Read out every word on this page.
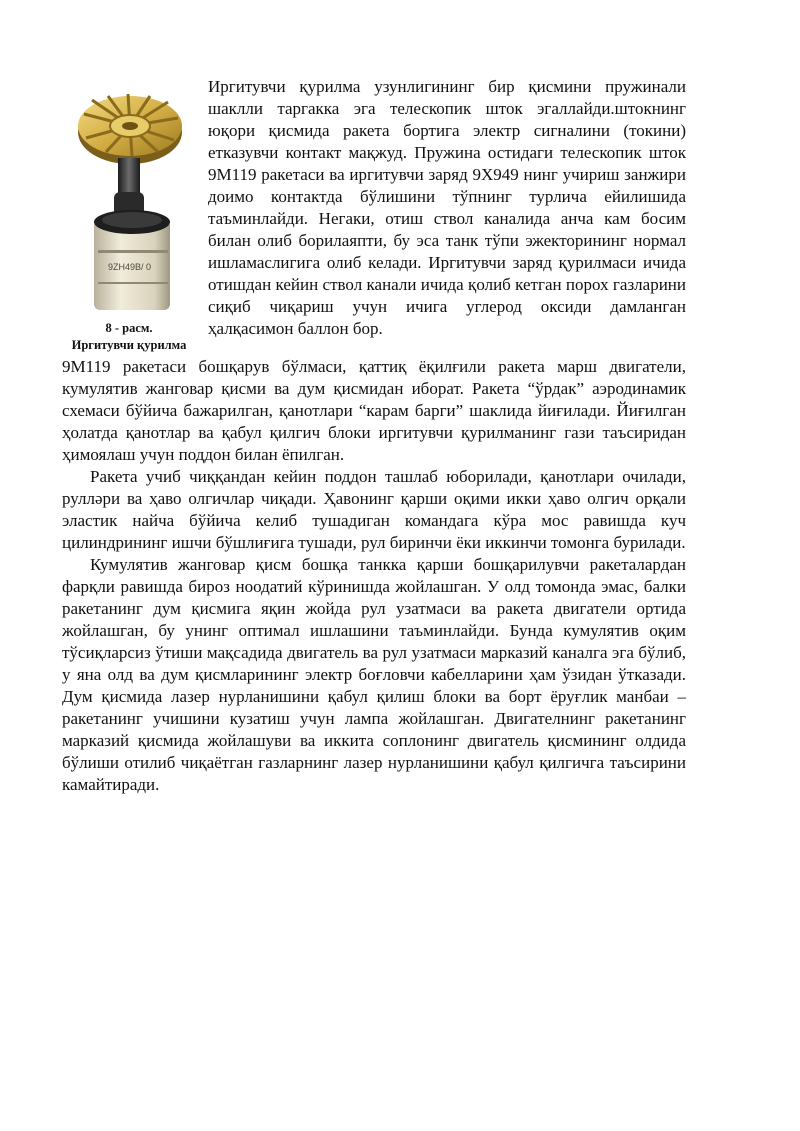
9ZH49B/ 0
8 - расм.
Иргитувчи қурилма
Иргитувчи қурилма узунлигининг бир қисмини пружинали шаклли таргакка эга телескопик шток эгаллайди.штокнинг юқори қисмида ракета бортига электр сигналини (токини) етказувчи контакт мақжуд. Пружина остидаги телескопик шток 9М119 ракетаси ва иргитувчи заряд 9Х949 нинг учириш занжири доимо контактда бўлишини тўпнинг турлича ейилишида таъминлайди. Негаки, отиш ствол каналида анча кам босим билан олиб борилаяпти, бу эса танк тўпи эжекторининг нормал ишламаслигига олиб келади. Иргитувчи заряд қурилмаси ичида отишдан кейин ствол канали ичида қолиб кетган порох газларини сиқиб чиқариш учун ичига углерод оксиди дамланган ҳалқасимон баллон бор.

9М119 ракетаси бошқарув бўлмаси, қаттиқ ёқилғили ракета марш двигатели, кумулятив жанговар қисми ва дум қисмидан иборат. Ракета “ўрдак” аэродинамик схемаси бўйича бажарилган, қанотлари “карам барги” шаклида йиғилади. Йиғилган ҳолатда қанотлар ва қабул қилгич блоки иргитувчи қурилманинг гази таъсиридан ҳимоялаш учун поддон билан ёпилган.

Ракета учиб чиққандан кейин поддон ташлаб юборилади, қанотлари очилади, рулләри ва ҳаво олгичлар чиқади. Ҳавонинг қарши оқими икки ҳаво олгич орқали эластик найча бўйича келиб тушадиган командага кўра мос равишда куч цилиндрининг ишчи бўшлиғига тушади, рул биринчи ёки иккинчи томонга бурилади.

Кумулятив жанговар қисм бошқа танкка қарши бошқарилувчи ракеталардан фарқли равишда бироз ноодатий кўринишда жойлашган. У олд томонда эмас, балки ракетанинг дум қисмига яқин жойда рул узатмаси ва ракета двигатели ортида жойлашган, бу унинг оптимал ишлашини таъминлайди. Бунда кумулятив оқим тўсиқларсиз ўтиши мақсадида двигатель ва рул узатмаси марказий каналга эга бўлиб, у яна олд ва дум қисмларининг электр боғловчи кабелларини ҳам ўзидан ўтказади. Дум қисмида лазер нурланишини қабул қилиш блоки ва борт ёруғлик манбаи – ракетанинг учишини кузатиш учун лампа жойлашган. Двигателнинг ракетанинг марказий қисмида жойлашуви ва иккита соплонинг двигатель қисмининг олдида бўлиши отилиб чиқаётган газларнинг лазер нурланишини қабул қилгичга таъсирини камайтиради.
